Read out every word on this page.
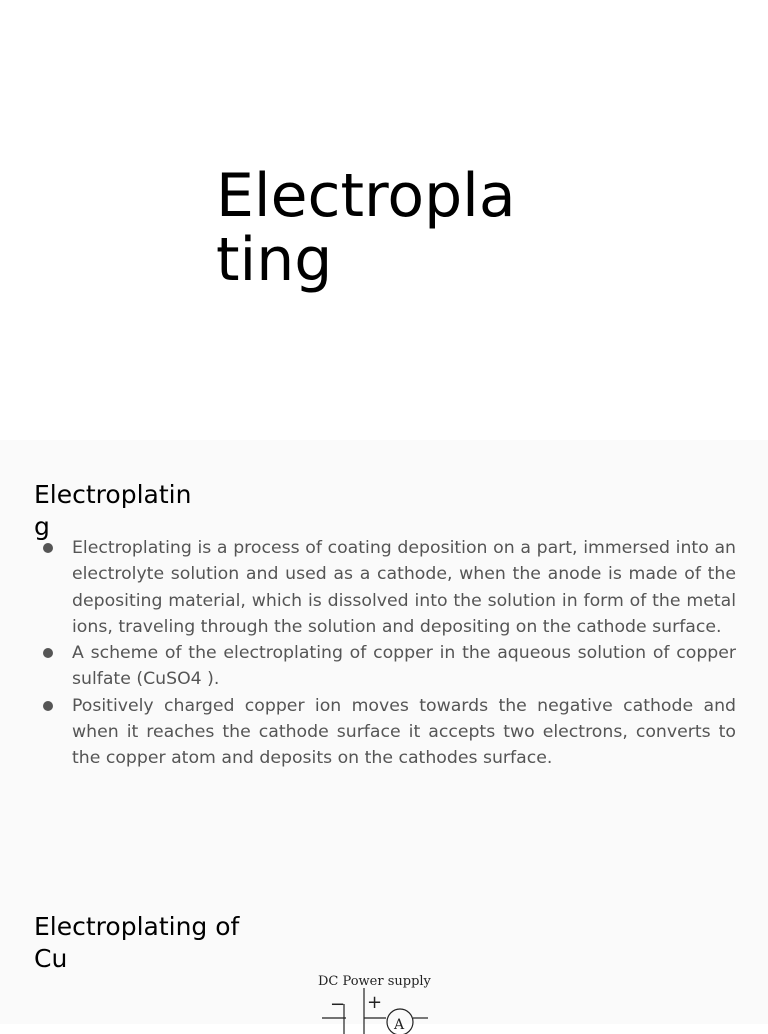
Electroplating
Electroplating
Electroplating is a process of coating deposition on a part, immersed into an electrolyte solution and used as a cathode, when the anode is made of the depositing material, which is dissolved into the solution in form of the metal ions, traveling through the solution and depositing on the cathode surface.
A scheme of the electroplating of copper in the aqueous solution of copper sulfate (CuSO4 ).
Positively charged copper ion moves towards the negative cathode and when it reaches the cathode surface it accepts two electrons, converts to the copper atom and deposits on the cathodes surface.
Electroplating of Cu
DC Power supply
− +
A
